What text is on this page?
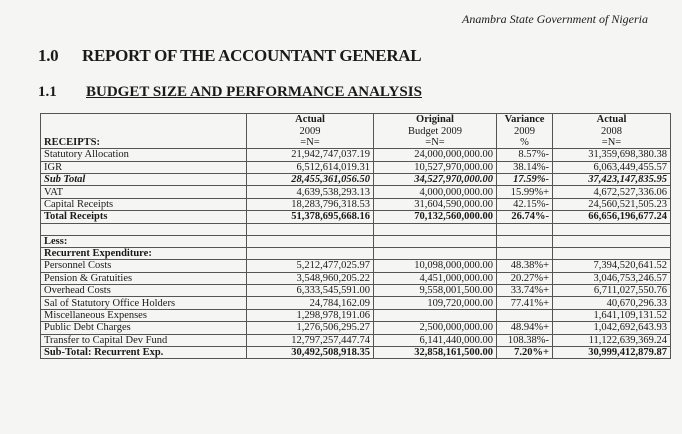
Anambra State Government of Nigeria
1.0 REPORT OF THE ACCOUNTANT GENERAL
1.1 BUDGET SIZE AND PERFORMANCE ANALYSIS
	Actual	Original	Variance	Actual
	2009	Budget 2009	2009	2008
RECEIPTS:	=N=	=N=	%	=N=
Statutory Allocation	21,942,747,037.19	24,000,000,000.00	8.57%-	31,359,698,380.38
IGR	6,512,614,019.31	10,527,970,000.00	38.14%-	6,063,449,455.57
Sub Total	28,455,361,056.50	34,527,970,000.00	17.59%-	37,423,147,835.95
VAT	4,639,538,293.13	4,000,000,000.00	15.99%+	4,672,527,336.06
Capital Receipts	18,283,796,318.53	31,604,590,000.00	42.15%-	24,560,521,505.23
Total Receipts	51,378,695,668.16	70,132,560,000.00	26.74%-	66,656,196,677.24

Less:				
Recurrent Expenditure:				
Personnel Costs	5,212,477,025.97	10,098,000,000.00	48.38%+	7,394,520,641.52
Pension & Gratuities	3,548,960,205.22	4,451,000,000.00	20.27%+	3,046,753,246.57
Overhead Costs	6,333,545,591.00	9,558,001,500.00	33.74%+	6,711,027,550.76
Sal of Statutory Office Holders	24,784,162.09	109,720,000.00	77.41%+	40,670,296.33
Miscellaneous Expenses	1,298,978,191.06			1,641,109,131.52
Public Debt Charges	1,276,506,295.27	2,500,000,000.00	48.94%+	1,042,692,643.93
Transfer to Capital Dev Fund	12,797,257,447.74	6,141,440,000.00	108.38%-	11,122,639,369.24
Sub-Total: Recurrent Exp.	30,492,508,918.35	32,858,161,500.00	7.20%+	30,999,412,879.87
